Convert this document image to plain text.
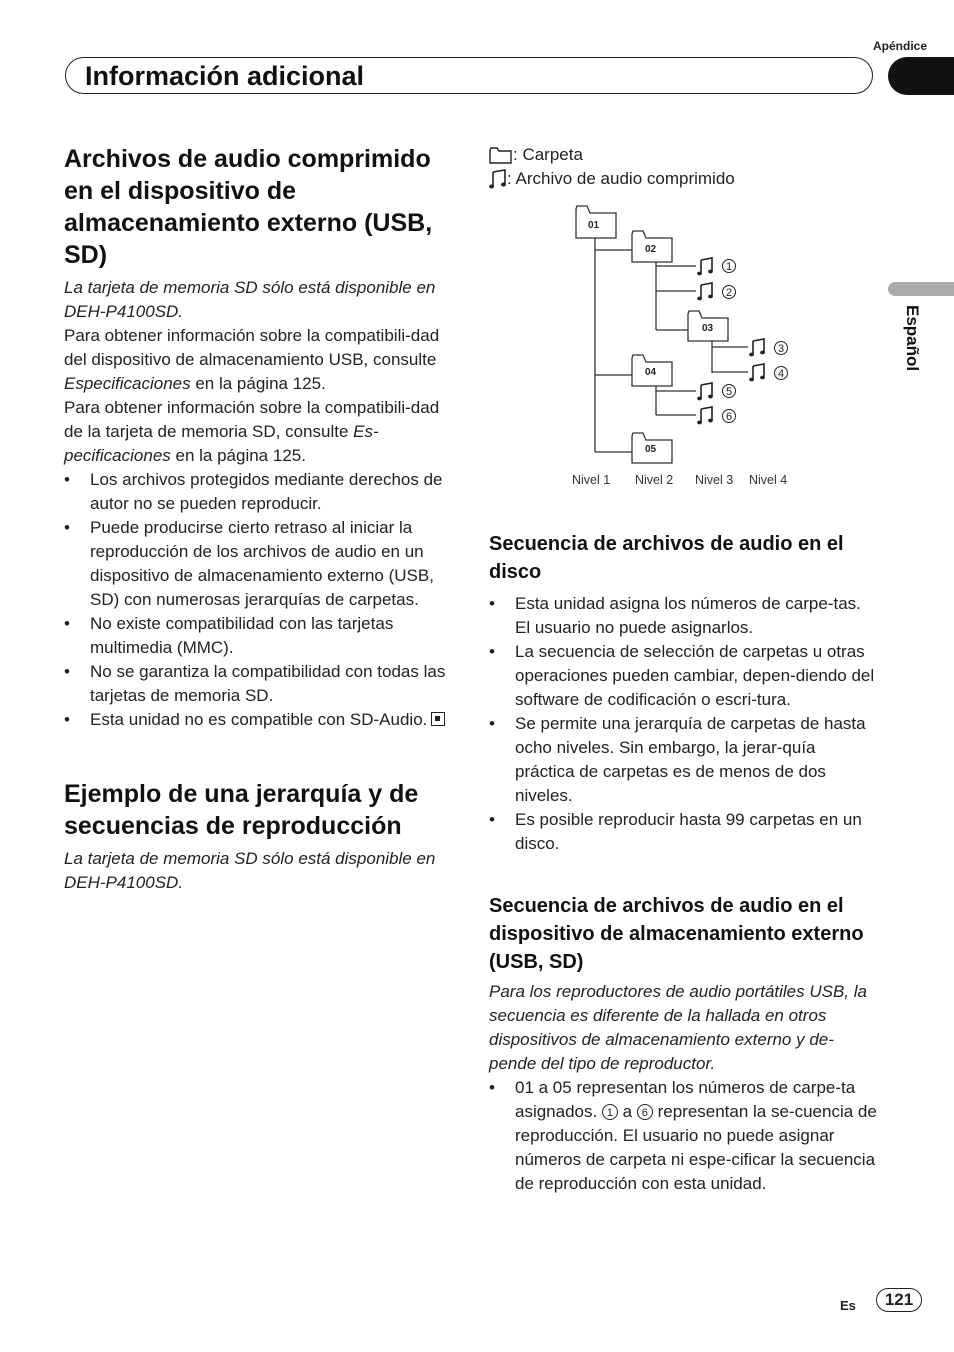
Apéndice
Información adicional
Español
Archivos de audio comprimido en el dispositivo de almacenamiento externo (USB, SD)

La tarjeta de memoria SD sólo está disponible en DEH-P4100SD.

Para obtener información sobre la compatibili-dad del dispositivo de almacenamiento USB, consulte Especificaciones en la página 125.

Para obtener información sobre la compatibili-dad de la tarjeta de memoria SD, consulte Es-pecificaciones en la página 125.

• Los archivos protegidos mediante derechos de autor no se pueden reproducir.
• Puede producirse cierto retraso al iniciar la reproducción de los archivos de audio en un dispositivo de almacenamiento externo (USB, SD) con numerosas jerarquías de carpetas.
• No existe compatibilidad con las tarjetas multimedia (MMC).
• No se garantiza la compatibilidad con todas las tarjetas de memoria SD.
• Esta unidad no es compatible con SD-Audio.
Ejemplo de una jerarquía y de secuencias de reproducción

La tarjeta de memoria SD sólo está disponible en DEH-P4100SD.

: Carpeta
: Archivo de audio comprimido
01
02
03
04
05
1
2
3
4
5
6
Nivel 1 Nivel 2 Nivel 3 Nivel 4
Secuencia de archivos de audio en el disco
• Esta unidad asigna los números de carpe-tas. El usuario no puede asignarlos.
• La secuencia de selección de carpetas u otras operaciones pueden cambiar, depen-diendo del software de codificación o escri-tura.
• Se permite una jerarquía de carpetas de hasta ocho niveles. Sin embargo, la jerar-quía práctica de carpetas es de menos de dos niveles.
• Es posible reproducir hasta 99 carpetas en un disco.
Secuencia de archivos de audio en el dispositivo de almacenamiento externo (USB, SD)

Para los reproductores de audio portátiles USB, la secuencia es diferente de la hallada en otros dispositivos de almacenamiento externo y de-pende del tipo de reproductor.

• 01 a 05 representan los números de carpe-ta asignados. 1 a 6 representan la se-cuencia de reproducción. El usuario no puede asignar números de carpeta ni espe-cificar la secuencia de reproducción con esta unidad.
Es	121
